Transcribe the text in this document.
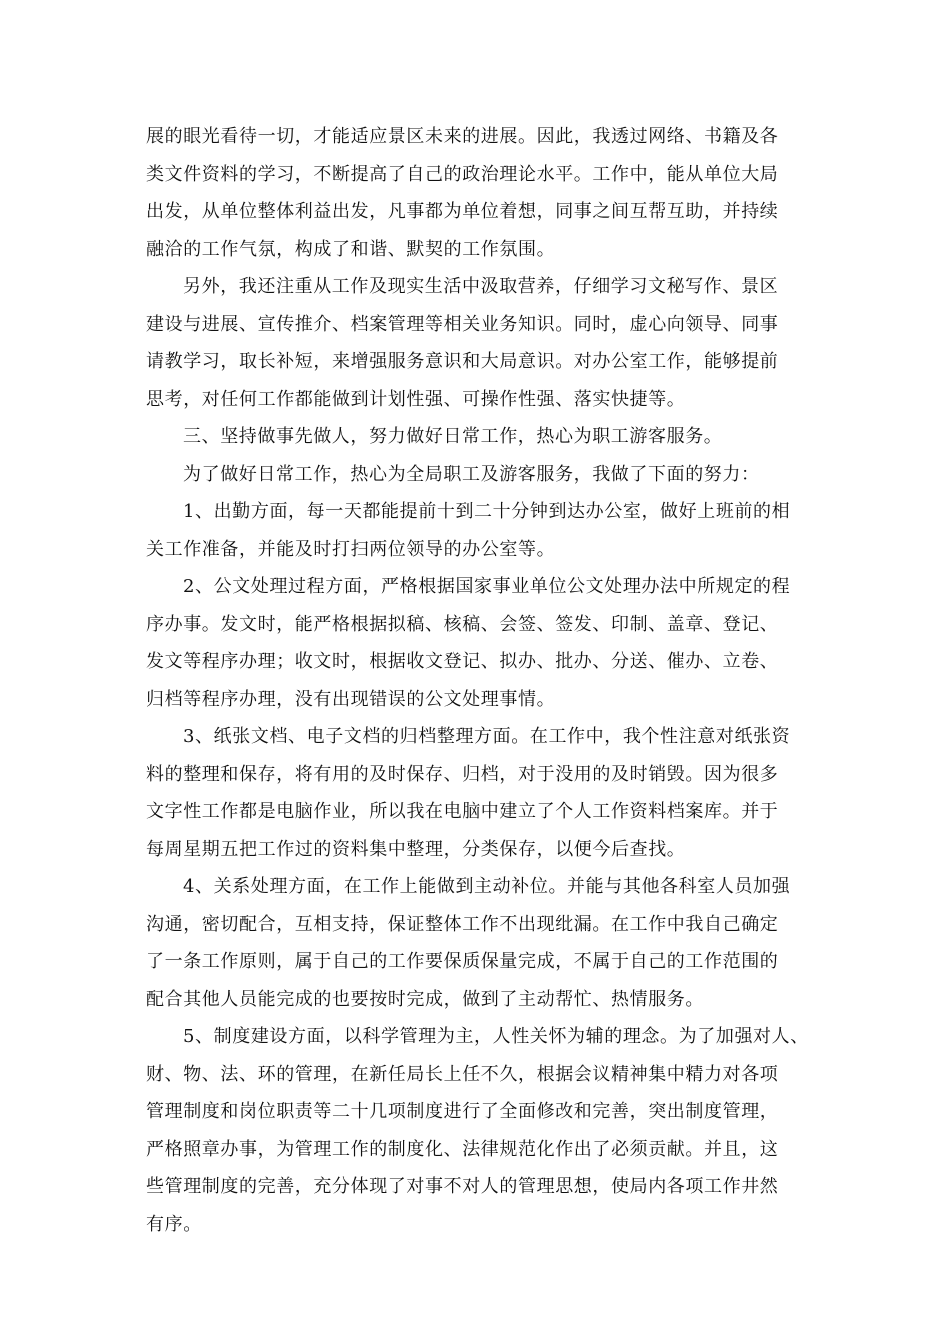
展的眼光看待一切，才能适应景区未来的进展。因此，我透过网络、书籍及各
类文件资料的学习，不断提高了自己的政治理论水平。工作中，能从单位大局
出发，从单位整体利益出发，凡事都为单位着想，同事之间互帮互助，并持续
融洽的工作气氛，构成了和谐、默契的工作氛围。
另外，我还注重从工作及现实生活中汲取营养，仔细学习文秘写作、景区
建设与进展、宣传推介、档案管理等相关业务知识。同时，虚心向领导、同事
请教学习，取长补短，来增强服务意识和大局意识。对办公室工作，能够提前
思考，对任何工作都能做到计划性强、可操作性强、落实快捷等。
三、坚持做事先做人，努力做好日常工作，热心为职工游客服务。
为了做好日常工作，热心为全局职工及游客服务，我做了下面的努力：
1、出勤方面，每一天都能提前十到二十分钟到达办公室，做好上班前的相
关工作准备，并能及时打扫两位领导的办公室等。
2、公文处理过程方面，严格根据国家事业单位公文处理办法中所规定的程
序办事。发文时，能严格根据拟稿、核稿、会签、签发、印制、盖章、登记、
发文等程序办理；收文时，根据收文登记、拟办、批办、分送、催办、立卷、
归档等程序办理，没有出现错误的公文处理事情。
3、纸张文档、电子文档的归档整理方面。在工作中，我个性注意对纸张资
料的整理和保存，将有用的及时保存、归档，对于没用的及时销毁。因为很多
文字性工作都是电脑作业，所以我在电脑中建立了个人工作资料档案库。并于
每周星期五把工作过的资料集中整理，分类保存，以便今后查找。
4、关系处理方面，在工作上能做到主动补位。并能与其他各科室人员加强
沟通，密切配合，互相支持，保证整体工作不出现纰漏。在工作中我自己确定
了一条工作原则，属于自己的工作要保质保量完成，不属于自己的工作范围的
配合其他人员能完成的也要按时完成，做到了主动帮忙、热情服务。
5、制度建设方面，以科学管理为主，人性关怀为辅的理念。为了加强对人、
财、物、法、环的管理，在新任局长上任不久，根据会议精神集中精力对各项
管理制度和岗位职责等二十几项制度进行了全面修改和完善，突出制度管理，
严格照章办事，为管理工作的制度化、法律规范化作出了必须贡献。并且，这
些管理制度的完善，充分体现了对事不对人的管理思想，使局内各项工作井然
有序。
